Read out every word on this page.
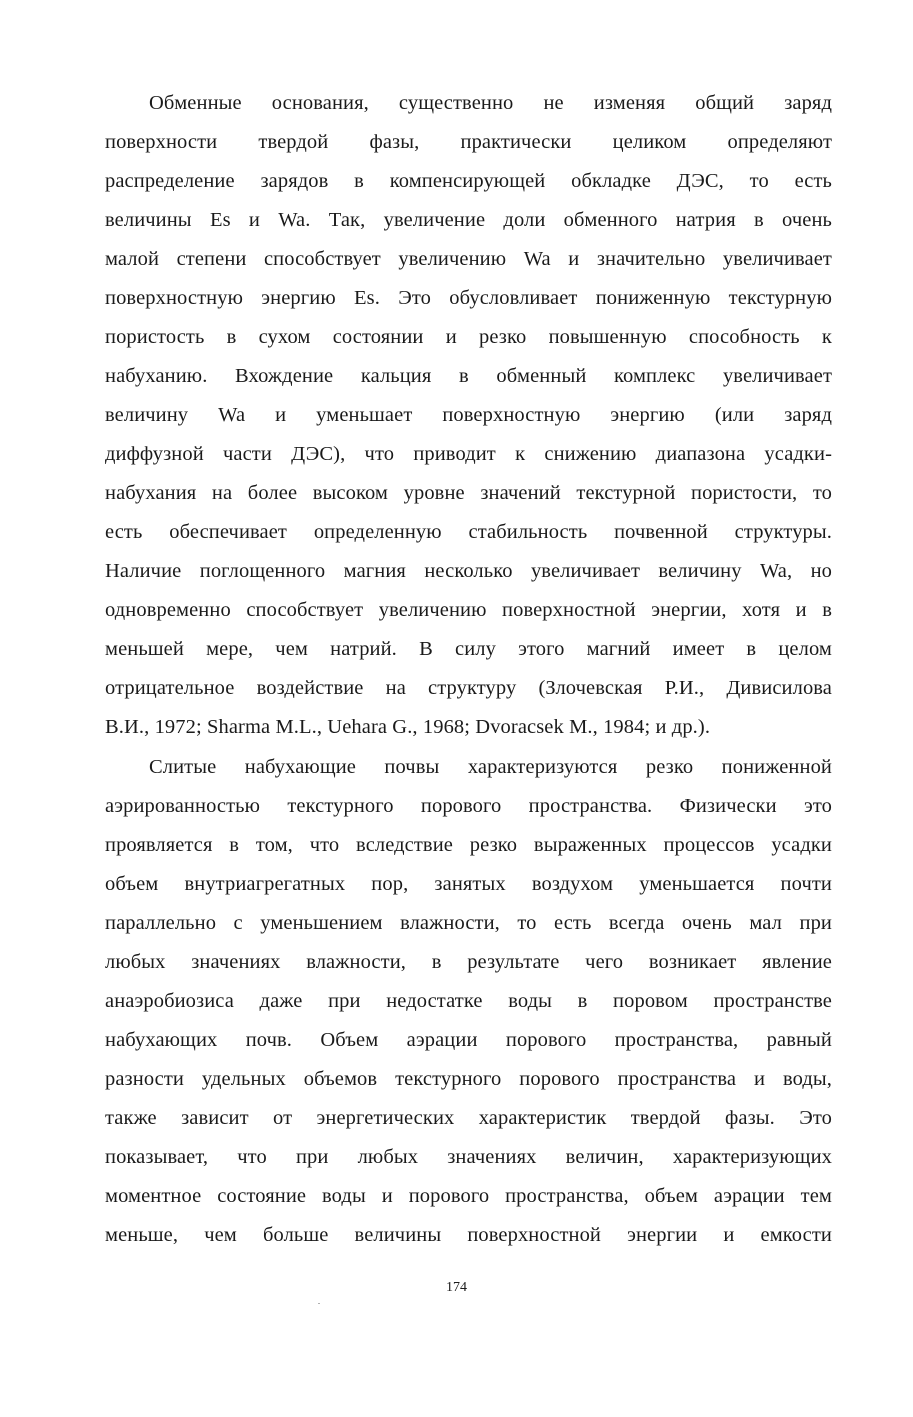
Обменные основания, существенно не изменяя общий заряд
поверхности твердой фазы, практически целиком определяют
распределение зарядов в компенсирующей обкладке ДЭС, то есть
величины Es и Wa. Так, увеличение доли обменного натрия в очень
малой степени способствует увеличению Wa и значительно увеличивает
поверхностную энергию Es. Это обусловливает пониженную текстурную
пористость в сухом состоянии и резко повышенную способность к
набуханию. Вхождение кальция в обменный комплекс увеличивает
величину Wa и уменьшает поверхностную энергию (или заряд
диффузной части ДЭС), что приводит к снижению диапазона усадки-
набухания на более высоком уровне значений текстурной пористости, то
есть обеспечивает определенную стабильность почвенной структуры.
Наличие поглощенного магния несколько увеличивает величину Wa, но
одновременно способствует увеличению поверхностной энергии, хотя и в
меньшей мере, чем натрий. В силу этого магний имеет в целом
отрицательное воздействие на структуру (Злочевская Р.И., Дивисилова
В.И., 1972; Sharma M.L., Uehara G., 1968; Dvoracsek M., 1984; и др.).
Слитые набухающие почвы характеризуются резко пониженной
аэрированностью текстурного порового пространства. Физически это
проявляется в том, что вследствие резко выраженных процессов усадки
объем внутриагрегатных пор, занятых воздухом уменьшается почти
параллельно с уменьшением влажности, то есть всегда очень мал при
любых значениях влажности, в результате чего возникает явление
анаэробиозиса даже при недостатке воды в поровом пространстве
набухающих почв. Объем аэрации порового пространства, равный
разности удельных объемов текстурного порового пространства и воды,
также зависит от энергетических характеристик твердой фазы. Это
показывает, что при любых значениях величин, характеризующих
моментное состояние воды и порового пространства, объем аэрации тем
меньше, чем больше величины поверхностной энергии и емкости
174
